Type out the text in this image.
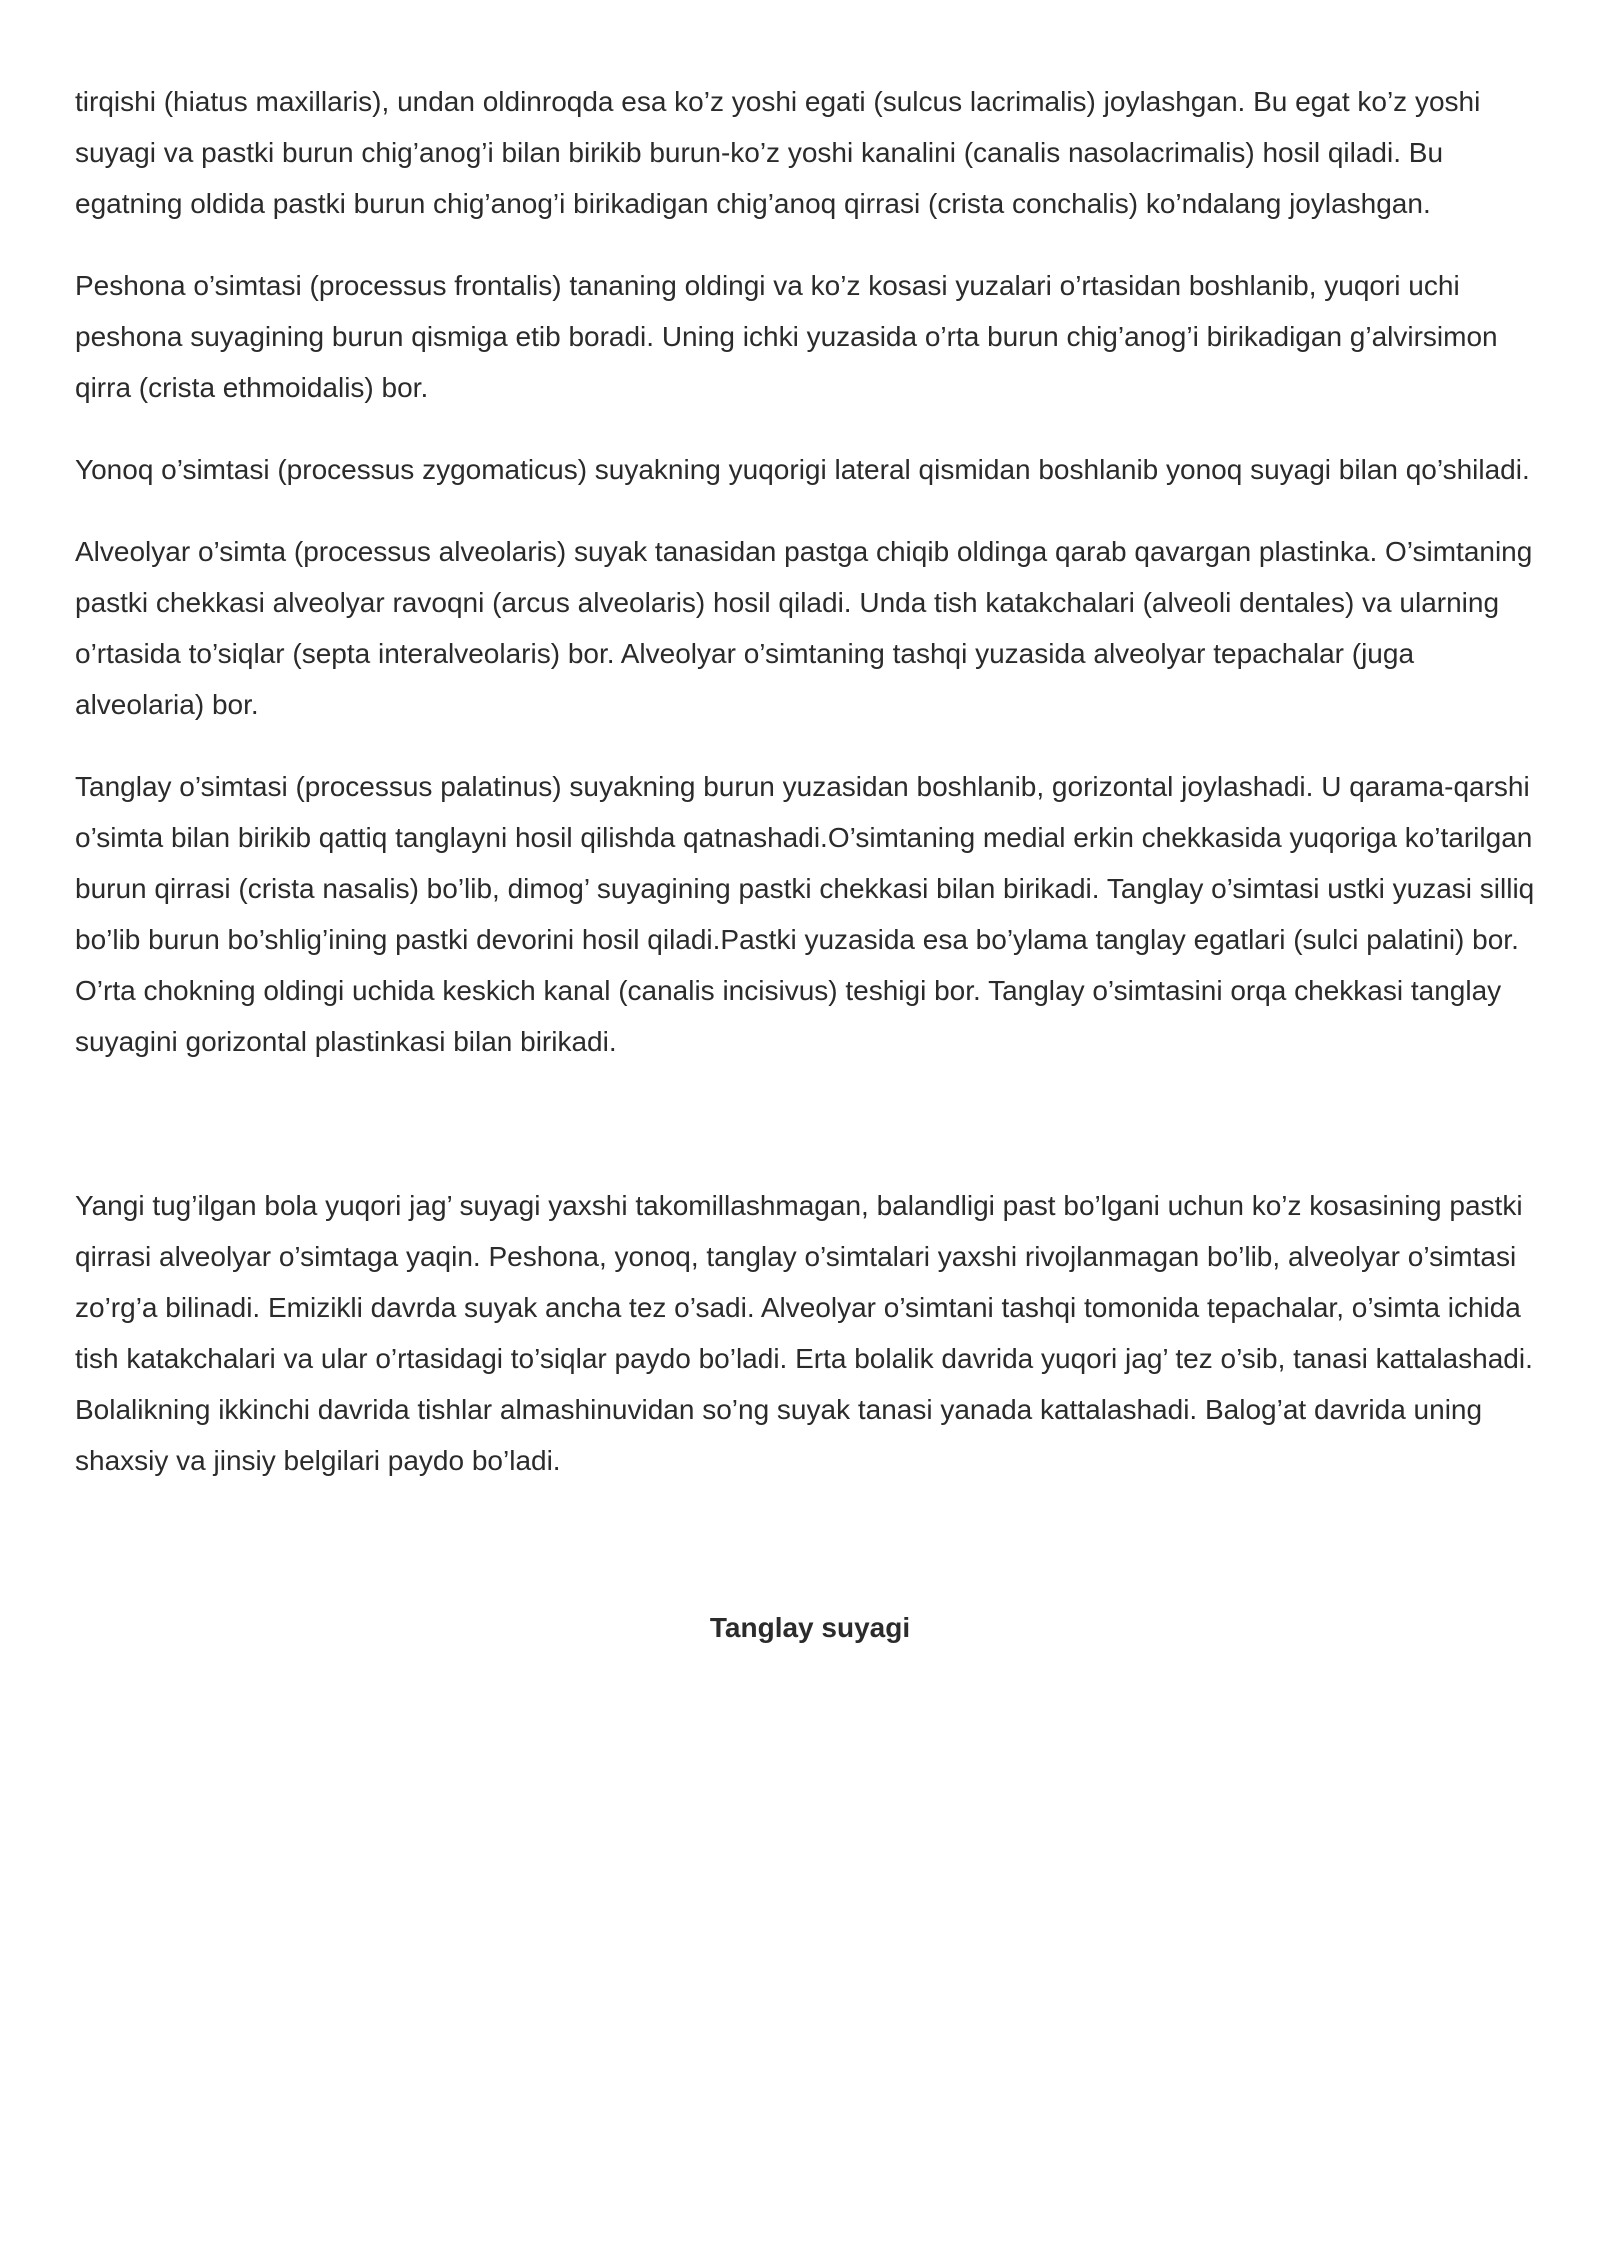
tirqishi (hiatus maxillaris), undan oldinroqda esa ko’z yoshi egati (sulcus lacrimalis) joylashgan. Bu egat ko’z yoshi suyagi va pastki burun chig’anog’i bilan birikib burun-ko’z yoshi kanalini (canalis nasolacrimalis) hosil qiladi. Bu egatning oldida pastki burun chig’anog’i birikadigan chig’anoq qirrasi (crista conchalis) ko’ndalang joylashgan.

Peshona o’simtasi (processus frontalis) tananing oldingi va ko’z kosasi yuzalari o’rtasidan boshlanib, yuqori uchi peshona suyagining burun qismiga etib boradi. Uning ichki yuzasida o’rta burun chig’anog’i birikadigan g’alvirsimon qirra (crista ethmoidalis) bor.

Yonoq o’simtasi (processus zygomaticus) suyakning yuqorigi lateral qismidan boshlanib yonoq suyagi bilan qo’shiladi.

Alveolyar o’simta (processus alveolaris) suyak tanasidan pastga chiqib oldinga qarab qavargan plastinka. O’simtaning pastki chekkasi alveolyar ravoqni (arcus alveolaris) hosil qiladi. Unda tish katakchalari (alveoli dentales) va ularning o’rtasida to’siqlar (septa interalveolaris) bor. Alveolyar o’simtaning tashqi yuzasida alveolyar tepachalar (juga alveolaria) bor.

Tanglay o’simtasi (processus palatinus) suyakning burun yuzasidan boshlanib, gorizontal joylashadi. U qarama-qarshi o’simta bilan birikib qattiq tanglayni hosil qilishda qatnashadi.O’simtaning medial erkin chekkasida yuqoriga ko’tarilgan burun qirrasi (crista nasalis) bo’lib, dimog’ suyagining pastki chekkasi bilan birikadi. Tanglay o’simtasi ustki yuzasi silliq bo’lib burun bo’shlig’ining pastki devorini hosil qiladi.Pastki yuzasida esa bo’ylama tanglay egatlari (sulci palatini) bor. O’rta chokning oldingi uchida keskich kanal (canalis incisivus) teshigi bor. Tanglay o’simtasini orqa chekkasi tanglay suyagini gorizontal plastinkasi bilan birikadi.

Yangi tug’ilgan bola yuqori jag’ suyagi yaxshi takomillashmagan, balandligi past bo’lgani uchun ko’z kosasining pastki qirrasi alveolyar o’simtaga yaqin. Peshona, yonoq, tanglay o’simtalari yaxshi rivojlanmagan bo’lib, alveolyar o’simtasi zo’rg’a bilinadi. Emizikli davrda suyak ancha tez o’sadi. Alveolyar o’simtani tashqi tomonida tepachalar, o’simta ichida tish katakchalari va ular o’rtasidagi to’siqlar paydo bo’ladi. Erta bolalik davrida yuqori jag’ tez o’sib, tanasi kattalashadi. Bolalikning ikkinchi davrida tishlar almashinuvidan so’ng suyak tanasi yanada kattalashadi. Balog’at davrida uning shaxsiy va jinsiy belgilari paydo bo’ladi.

Tanglay suyagi
